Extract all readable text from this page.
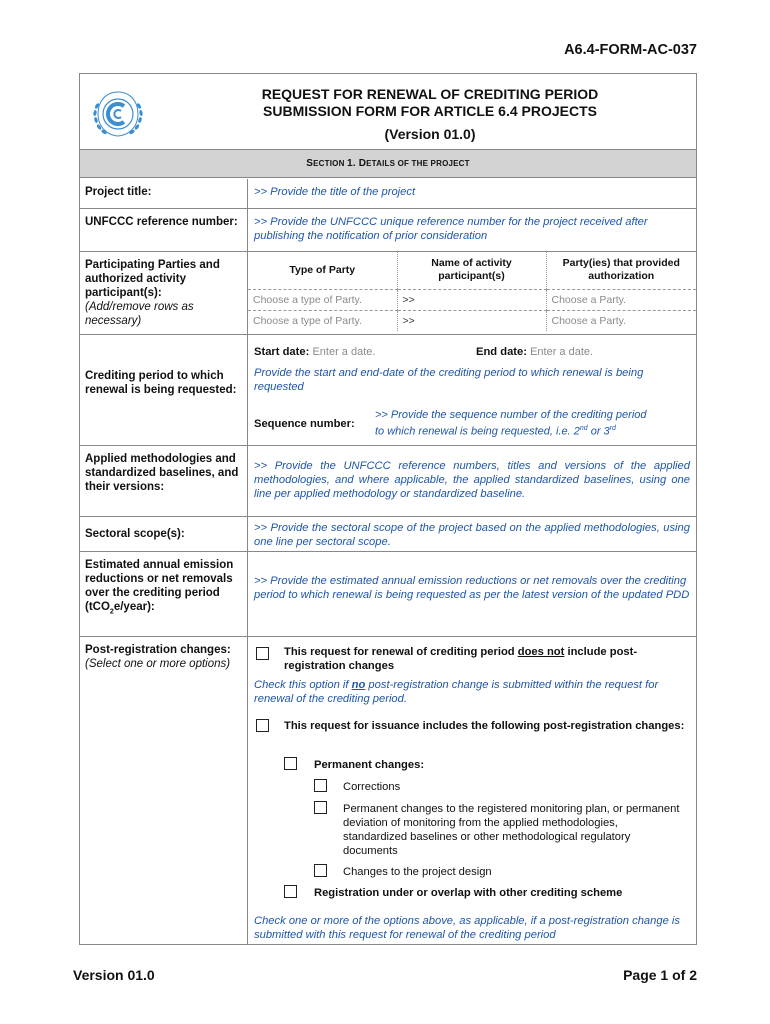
A6.4-FORM-AC-037
REQUEST FOR RENEWAL OF CREDITING PERIOD
SUBMISSION FORM FOR ARTICLE 6.4 PROJECTS
(Version 01.0)
SECTION 1. DETAILS OF THE PROJECT
Project title:	>> Provide the title of the project
UNFCCC reference number:	>> Provide the UNFCCC unique reference number for the project received after publishing the notification of prior consideration
Participating Parties and authorized activity participant(s):
(Add/remove rows as necessary)
Type of Party	Name of activity participant(s)	Party(ies) that provided authorization
Choose a type of Party.	>>	Choose a Party.
Choose a type of Party.	>>	Choose a Party.
Crediting period to which renewal is being requested:
Start date: Enter a date.	End date: Enter a date.
Provide the start and end-date of the crediting period to which renewal is being requested
Sequence number:
>> Provide the sequence number of the crediting period
to which renewal is being requested, i.e. 2nd or 3rd
Applied methodologies and standardized baselines, and their versions:
>> Provide the UNFCCC reference numbers, titles and versions of the applied methodologies, and where applicable, the applied standardized baselines, using one line per applied methodology or standardized baseline.
Sectoral scope(s):	>> Provide the sectoral scope of the project based on the applied methodologies, using one line per sectoral scope.
Estimated annual emission reductions or net removals over the crediting period (tCO$_2$e/year):
>> Provide the estimated annual emission reductions or net removals over the crediting period to which renewal is being requested as per the latest version of the updated PDD
Post-registration changes:
(Select one or more options)
This request for renewal of crediting period does not include post-registration changes
Check this option if no post-registration change is submitted within the request for renewal of the crediting period.
This request for issuance includes the following post-registration changes:
Permanent changes:
Corrections
Permanent changes to the registered monitoring plan, or permanent deviation of monitoring from the applied methodologies, standardized baselines or other methodological regulatory documents
Changes to the project design
Registration under or overlap with other crediting scheme
Check one or more of the options above, as applicable, if a post-registration change is submitted with this request for renewal of the crediting period
Version 01.0	Page 1 of 2
